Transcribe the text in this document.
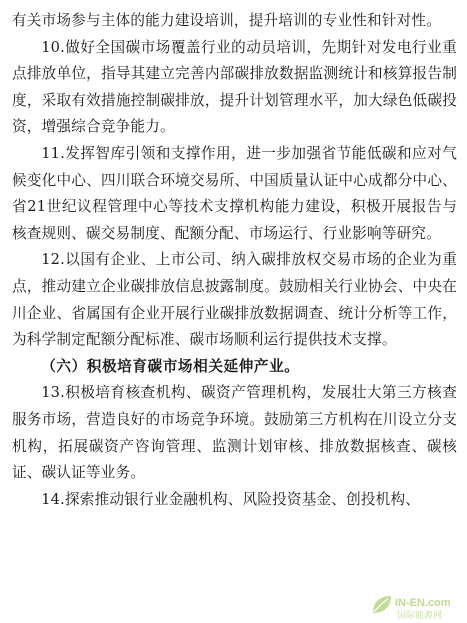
有关市场参与主体的能力建设培训，提升培训的专业性和针对性。

10.做好全国碳市场覆盖行业的动员培训，先期针对发电行业重点排放单位，指导其建立完善内部碳排放数据监测统计和核算报告制度，采取有效措施控制碳排放，提升计划管理水平，加大绿色低碳投资，增强综合竞争能力。

11.发挥智库引领和支撑作用，进一步加强省节能低碳和应对气候变化中心、四川联合环境交易所、中国质量认证中心成都分中心、省21世纪议程管理中心等技术支撑机构能力建设，积极开展报告与核查规则、碳交易制度、配额分配、市场运行、行业影响等研究。

12.以国有企业、上市公司、纳入碳排放权交易市场的企业为重点，推动建立企业碳排放信息披露制度。鼓励相关行业协会、中央在川企业、省属国有企业开展行业碳排放数据调查、统计分析等工作，为科学制定配额分配标准、碳市场顺利运行提供技术支撑。

（六）积极培育碳市场相关延伸产业。

13.积极培育核查机构、碳资产管理机构，发展壮大第三方核查服务市场，营造良好的市场竞争环境。鼓励第三方机构在川设立分支机构，拓展碳资产咨询管理、监测计划审核、排放数据核查、碳核证、碳认证等业务。

14.探索推动银行业金融机构、风险投资基金、创投机构、

IN-EN.com
国际能源网
